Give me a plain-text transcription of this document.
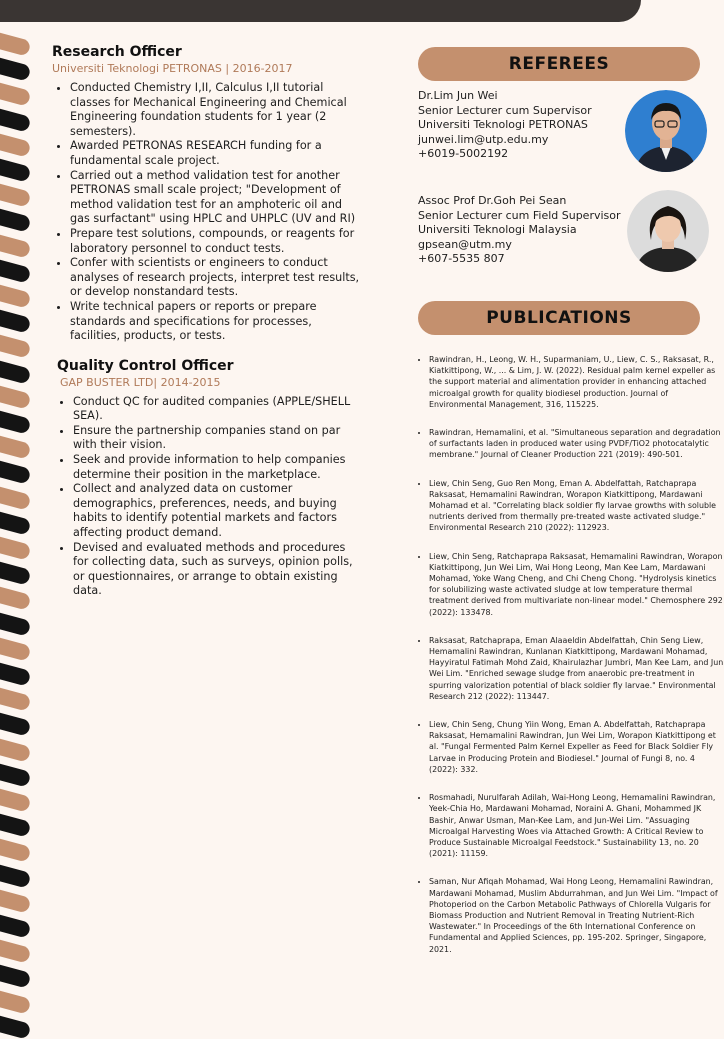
Research Officer
Universiti Teknologi PETRONAS | 2016-2017
• Conducted Chemistry I,II, Calculus I,II tutorial classes for Mechanical Engineering and Chemical Engineering foundation students for 1 year (2 semesters).
• Awarded PETRONAS RESEARCH funding for a fundamental scale project.
• Carried out a method validation test for another PETRONAS small scale project; "Development of method validation test for an amphoteric oil and gas surfactant" using HPLC and UHPLC (UV and RI)
• Prepare test solutions, compounds, or reagents for laboratory personnel to conduct tests.
• Confer with scientists or engineers to conduct analyses of research projects, interpret test results, or develop nonstandard tests.
• Write technical papers or reports or prepare standards and specifications for processes, facilities, products, or tests.
Quality Control Officer
GAP BUSTER LTD| 2014-2015
• Conduct QC for audited companies (APPLE/SHELL SEA).
• Ensure the partnership companies stand on par with their vision.
• Seek and provide information to help companies determine their position in the marketplace.
• Collect and analyzed data on customer demographics, preferences, needs, and buying habits to identify potential markets and factors affecting product demand.
• Devised and evaluated methods and procedures for collecting data, such as surveys, opinion polls, or questionnaires, or arrange to obtain existing data.
REFEREES
Dr.Lim Jun Wei
Senior Lecturer cum Supervisor
Universiti Teknologi PETRONAS
junwei.lim@utp.edu.my
+6019-5002192
Assoc Prof Dr.Goh Pei Sean
Senior Lecturer cum Field Supervisor
Universiti Teknologi Malaysia
gpsean@utm.my
+607-5535 807
PUBLICATIONS
• Rawindran, H., Leong, W. H., Suparmaniam, U., Liew, C. S., Raksasat, R., Kiatkittipong, W., ... & Lim, J. W. (2022). Residual palm kernel expeller as the support material and alimentation provider in enhancing attached microalgal growth for quality biodiesel production. Journal of Environmental Management, 316, 115225.
• Rawindran, Hemamalini, et al. "Simultaneous separation and degradation of surfactants laden in produced water using PVDF/TiO2 photocatalytic membrane." Journal of Cleaner Production 221 (2019): 490-501.
• Liew, Chin Seng, Guo Ren Mong, Eman A. Abdelfattah, Ratchaprapa Raksasat, Hemamalini Rawindran, Worapon Kiatkittipong, Mardawani Mohamad et al. "Correlating black soldier fly larvae growths with soluble nutrients derived from thermally pre-treated waste activated sludge." Environmental Research 210 (2022): 112923.
• Liew, Chin Seng, Ratchaprapa Raksasat, Hemamalini Rawindran, Worapon Kiatkittipong, Jun Wei Lim, Wai Hong Leong, Man Kee Lam, Mardawani Mohamad, Yoke Wang Cheng, and Chi Cheng Chong. "Hydrolysis kinetics for solubilizing waste activated sludge at low temperature thermal treatment derived from multivariate non-linear model." Chemosphere 292 (2022): 133478.
• Raksasat, Ratchaprapa, Eman Alaaeldin Abdelfattah, Chin Seng Liew, Hemamalini Rawindran, Kunlanan Kiatkittipong, Mardawani Mohamad, Hayyiratul Fatimah Mohd Zaid, Khairulazhar Jumbri, Man Kee Lam, and Jun Wei Lim. "Enriched sewage sludge from anaerobic pre-treatment in spurring valorization potential of black soldier fly larvae." Environmental Research 212 (2022): 113447.
• Liew, Chin Seng, Chung Yiin Wong, Eman A. Abdelfattah, Ratchaprapa Raksasat, Hemamalini Rawindran, Jun Wei Lim, Worapon Kiatkittipong et al. "Fungal Fermented Palm Kernel Expeller as Feed for Black Soldier Fly Larvae in Producing Protein and Biodiesel." Journal of Fungi 8, no. 4 (2022): 332.
• Rosmahadi, Nurulfarah Adilah, Wai-Hong Leong, Hemamalini Rawindran, Yeek-Chia Ho, Mardawani Mohamad, Noraini A. Ghani, Mohammed JK Bashir, Anwar Usman, Man-Kee Lam, and Jun-Wei Lim. "Assuaging Microalgal Harvesting Woes via Attached Growth: A Critical Review to Produce Sustainable Microalgal Feedstock." Sustainability 13, no. 20 (2021): 11159.
• Saman, Nur Afiqah Mohamad, Wai Hong Leong, Hemamalini Rawindran, Mardawani Mohamad, Muslim Abdurrahman, and Jun Wei Lim. "Impact of Photoperiod on the Carbon Metabolic Pathways of Chlorella Vulgaris for Biomass Production and Nutrient Removal in Treating Nutrient-Rich Wastewater." In Proceedings of the 6th International Conference on Fundamental and Applied Sciences, pp. 195-202. Springer, Singapore, 2021.
